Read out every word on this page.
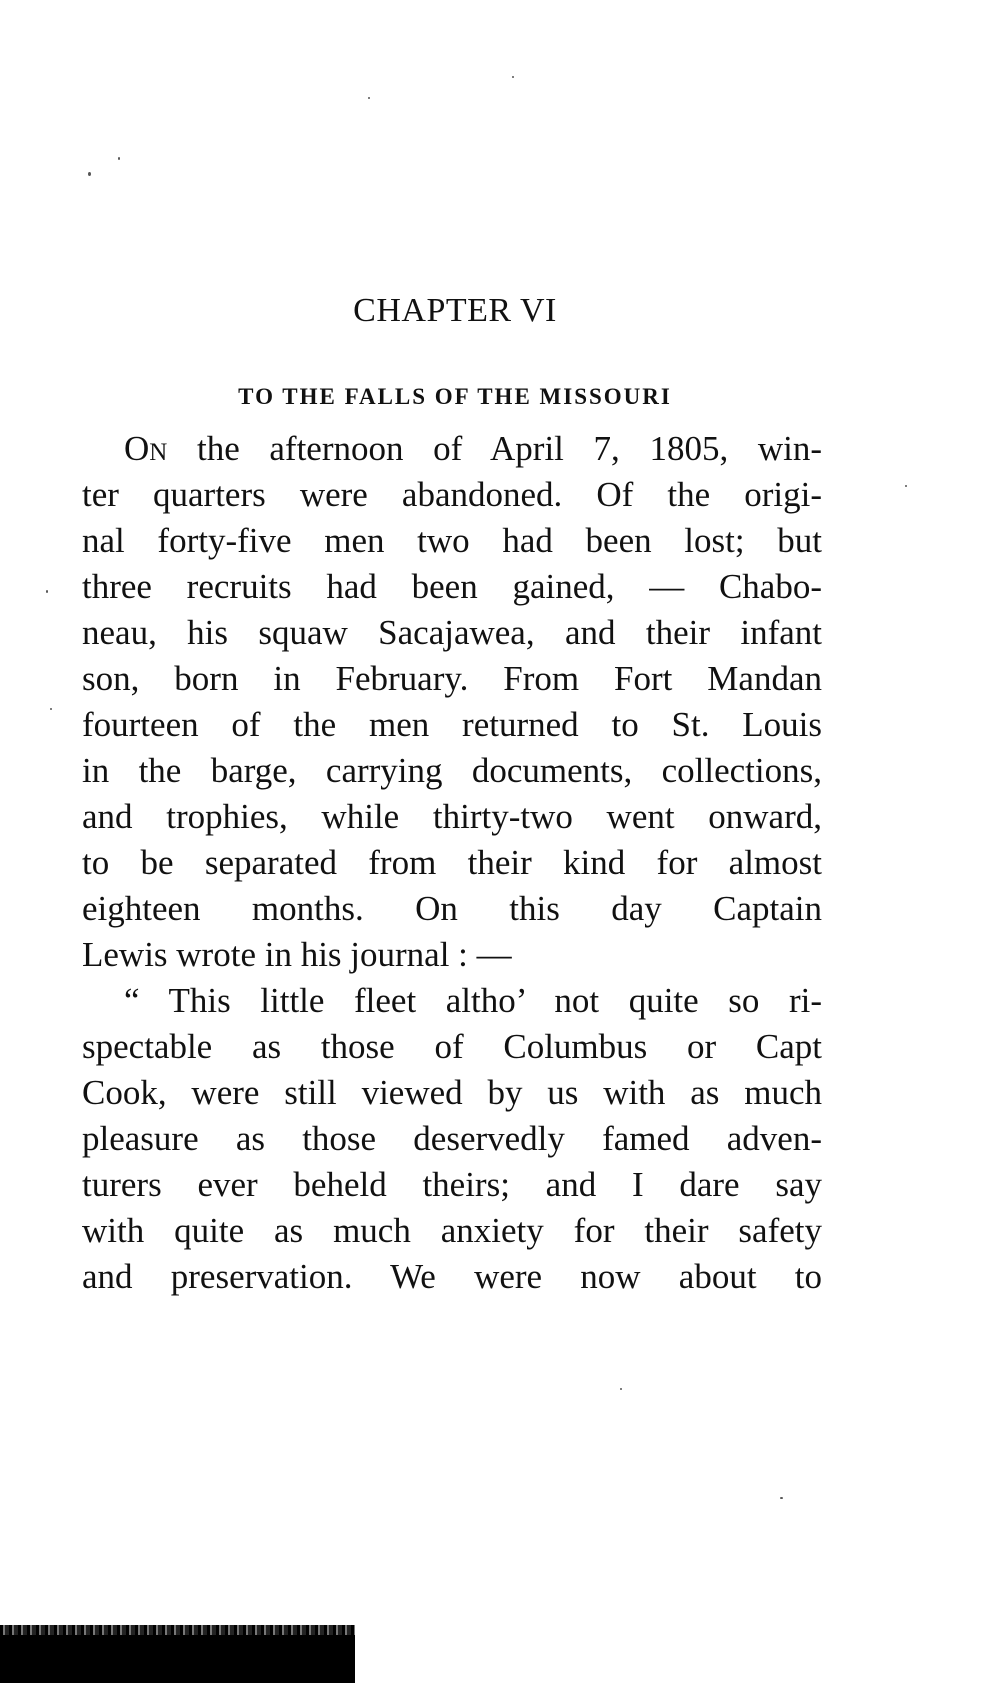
CHAPTER VI
TO THE FALLS OF THE MISSOURI
On the afternoon of April 7, 1805, win-
ter quarters were abandoned. Of the origi-
nal forty-five men two had been lost; but
three recruits had been gained, — Chabo-
neau, his squaw Sacajawea, and their infant
son, born in February. From Fort Mandan
fourteen of the men returned to St. Louis
in the barge, carrying documents, collections,
and trophies, while thirty-two went onward,
to be separated from their kind for almost
eighteen months. On this day Captain
Lewis wrote in his journal : —
“ This little fleet altho’ not quite so ri-
spectable as those of Columbus or Capt
Cook, were still viewed by us with as much
pleasure as those deservedly famed adven-
turers ever beheld theirs; and I dare say
with quite as much anxiety for their safety
and preservation. We were now about to
